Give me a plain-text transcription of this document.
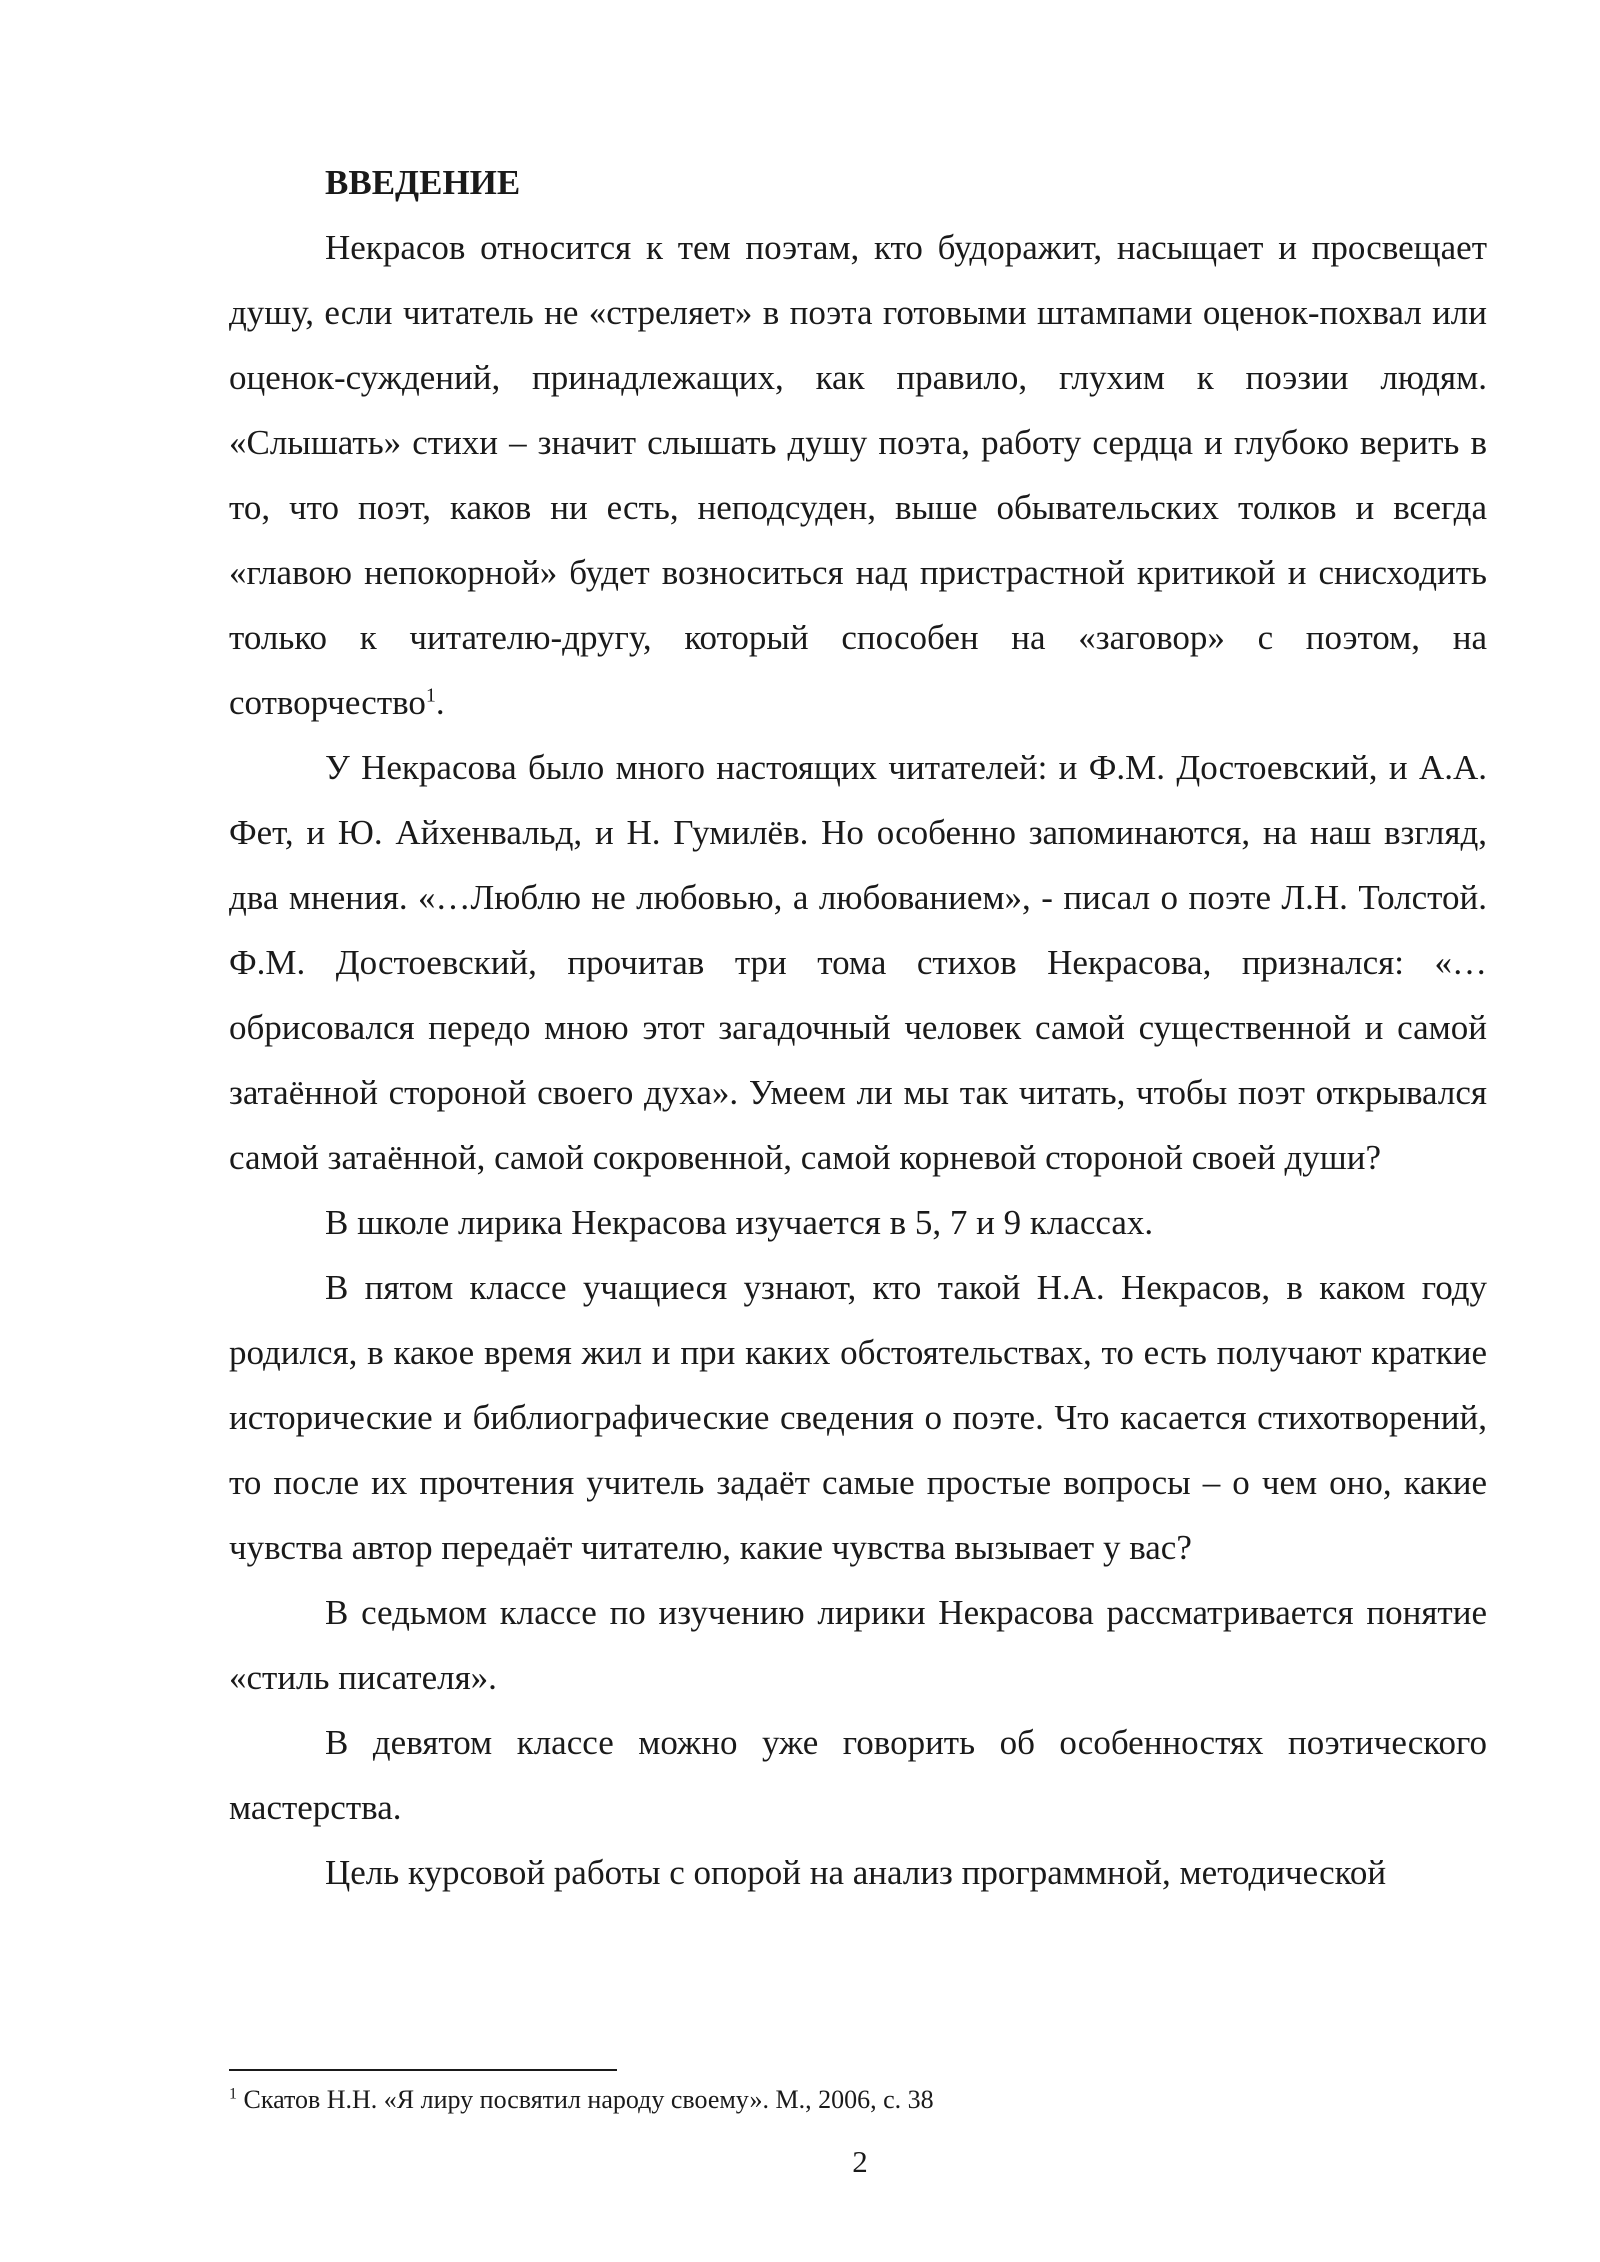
ВВЕДЕНИЕ

Некрасов относится к тем поэтам, кто будоражит, насыщает и просвещает душу, если читатель не «стреляет» в поэта готовыми штампами оценок-похвал или оценок-суждений, принадлежащих, как правило, глухим к поэзии людям. «Слышать» стихи – значит слышать душу поэта, работу сердца и глубоко верить в то, что поэт, каков ни есть, неподсуден, выше обывательских толков и всегда «главою непокорной» будет возноситься над пристрастной критикой и снисходить только к читателю-другу, который способен на «заговор» с поэтом, на сотворчество$^1$.

У Некрасова было много настоящих читателей: и Ф.М. Достоевский, и А.А. Фет, и Ю. Айхенвальд, и Н. Гумилёв. Но особенно запоминаются, на наш взгляд, два мнения. «…Люблю не любовью, а любованием», - писал о поэте Л.Н. Толстой. Ф.М. Достоевский, прочитав три тома стихов Некрасова, признался: «…обрисовался передо мною этот загадочный человек самой существенной и самой затаённой стороной своего духа». Умеем ли мы так читать, чтобы поэт открывался самой затаённой, самой сокровенной, самой корневой стороной своей души?

В школе лирика Некрасова изучается в 5, 7 и 9 классах.

В пятом классе учащиеся узнают, кто такой Н.А. Некрасов, в каком году родился, в какое время жил и при каких обстоятельствах, то есть получают краткие исторические и библиографические сведения о поэте. Что касается стихотворений, то после их прочтения учитель задаёт самые простые вопросы – о чем оно, какие чувства автор передаёт читателю, какие чувства вызывает у вас?

В седьмом классе по изучению лирики Некрасова рассматривается понятие «стиль писателя».

В девятом классе можно уже говорить об особенностях поэтического мастерства.

Цель курсовой работы с опорой на анализ программной, методической

$^1$ Скатов Н.Н. «Я лиру посвятил народу своему». М., 2006, с. 38
2
